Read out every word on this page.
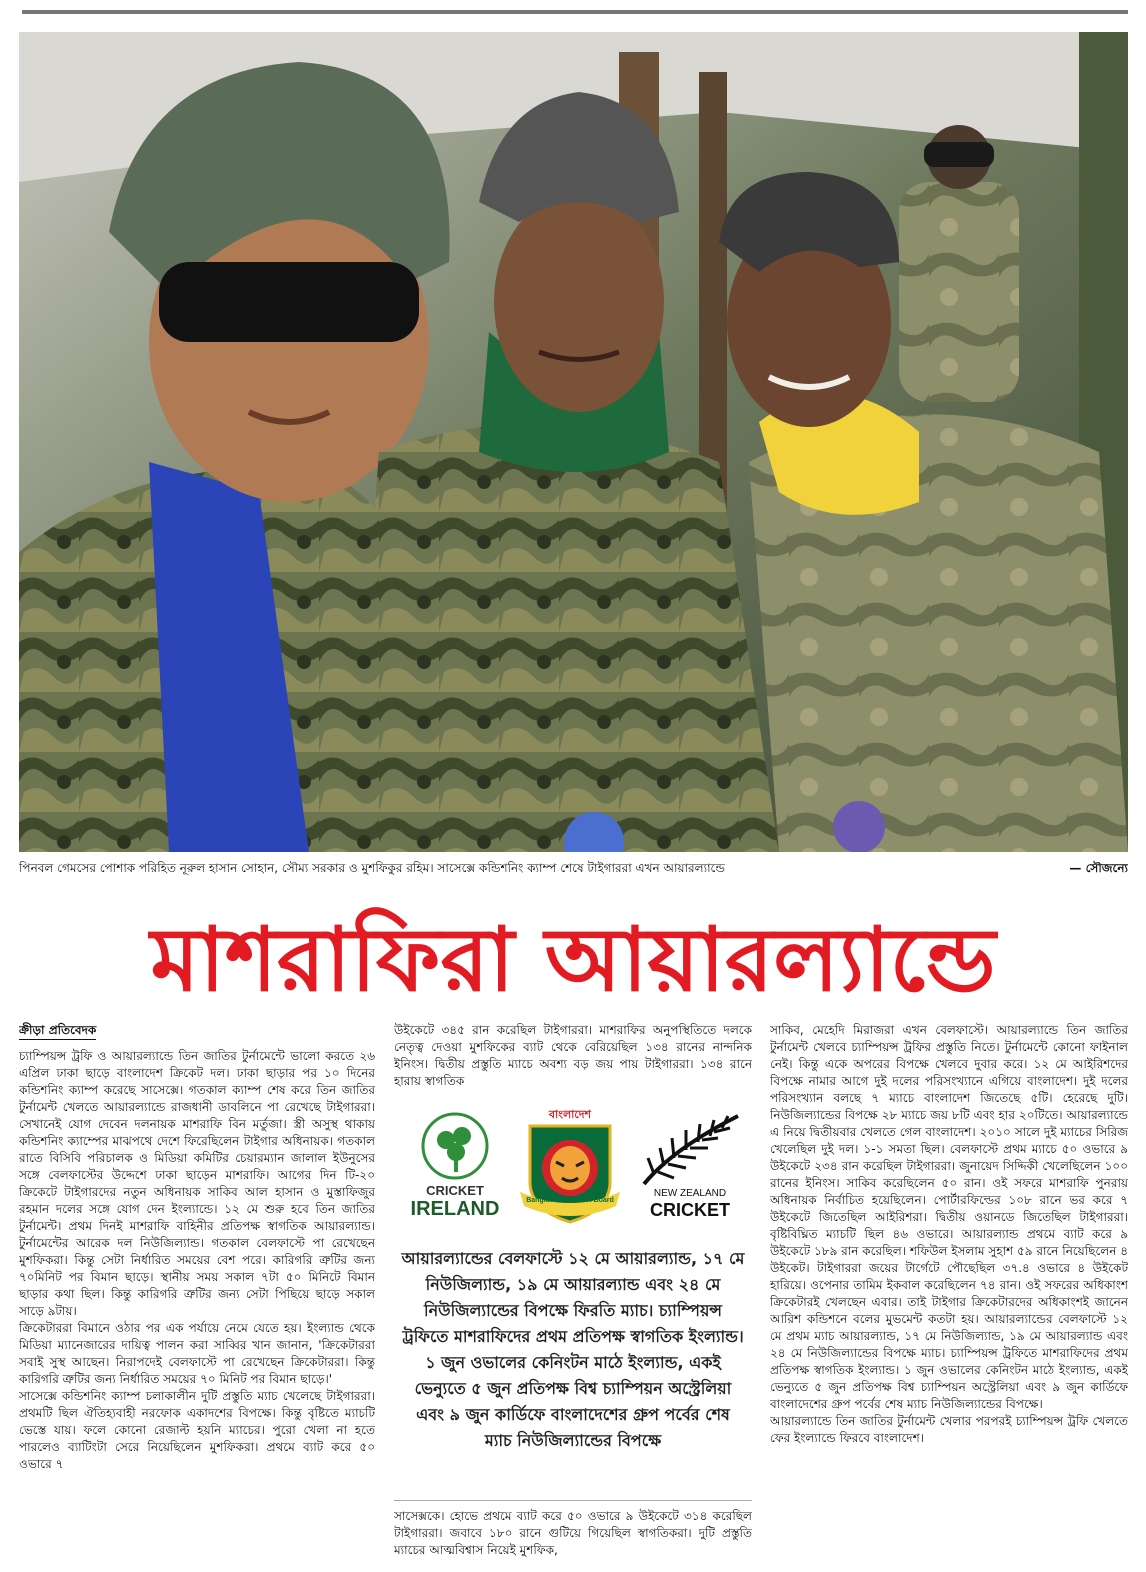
পিনবল গেমসের পোশাক পরিহিত নূরুল হাসান সোহান, সৌম্য সরকার ও মুশফিকুর রহিম। সাসেক্সে কন্ডিশনিং ক্যাম্প শেষে টাইগাররা এখন আয়ারল্যান্ডে	— সৌজন্যে
মাশরাফিরা আয়ারল্যান্ডে
ক্রীড়া প্রতিবেদক

চ্যাম্পিয়ন্স ট্রফি ও আয়ারল্যান্ডে তিন জাতির টুর্নামেন্টে ভালো করতে ২৬ এপ্রিল ঢাকা ছাড়ে বাংলাদেশ ক্রিকেট দল। ঢাকা ছাড়ার পর ১০ দিনের কন্ডিশনিং ক্যাম্প করেছে সাসেক্সে। গতকাল ক্যাম্প শেষ করে তিন জাতির টুর্নামেন্ট খেলতে আয়ারল্যান্ডে রাজধানী ডাবলিনে পা রেখেছে টাইগাররা। সেখানেই যোগ দেবেন দলনায়ক মাশরাফি বিন মর্তুজা। স্ত্রী অসুস্থ থাকায় কন্ডিশনিং ক্যাম্পের মাঝপথে দেশে ফিরেছিলেন টাইগার অধিনায়ক। গতকাল রাতে বিসিবি পরিচালক ও মিডিয়া কমিটির চেয়ারম্যান জালাল ইউনুসের সঙ্গে বেলফাস্টের উদ্দেশে ঢাকা ছাড়েন মাশরাফি। আগের দিন টি-২০ ক্রিকেটে টাইগারদের নতুন অধিনায়ক সাকিব আল হাসান ও মুস্তাফিজুর রহমান দলের সঙ্গে যোগ দেন ইংল্যান্ডে। ১২ মে শুরু হবে তিন জাতির টুর্নামেন্ট। প্রথম দিনই মাশরাফি বাহিনীর প্রতিপক্ষ স্বাগতিক আয়ারল্যান্ড। টুর্নামেন্টের আরেক দল নিউজিল্যান্ড। গতকাল বেলফাস্টে পা রেখেছেন মুশফিকরা। কিন্তু সেটা নির্ধারিত সময়ের বেশ পরে। কারিগরি ত্রুটির জন্য ৭০মিনিট পর বিমান ছাড়ে। স্থানীয় সময় সকাল ৭টা ৫০ মিনিটে বিমান ছাড়ার কথা ছিল। কিন্তু কারিগরি ত্রুটির জন্য সেটা পিছিয়ে ছাড়ে সকাল সাড়ে ৯টায়।

ক্রিকেটাররা বিমানে ওঠার পর এক পর্যায়ে নেমে যেতে হয়। ইংল্যান্ড থেকে মিডিয়া ম্যানেজারের দায়িত্ব পালন করা সাব্বির খান জানান, 'ক্রিকেটাররা সবাই সুস্থ আছেন। নিরাপদেই বেলফাস্টে পা রেখেছেন ক্রিকেটাররা। কিন্তু কারিগরি ত্রুটির জন্য নির্ধারিত সময়ের ৭০ মিনিট পর বিমান ছাড়ে।'

সাসেক্সে কন্ডিশনিং ক্যাম্প চলাকালীন দুটি প্রস্তুতি ম্যাচ খেলেছে টাইগাররা। প্রথমটি ছিল ঐতিহ্যবাহী নরফোক একাদশের বিপক্ষে। কিন্তু বৃষ্টিতে ম্যাচটি ভেস্তে যায়। ফলে কোনো রেজাল্ট হয়নি ম্যাচের। পুরো খেলা না হতে পারলেও ব্যাটিংটা সেরে নিয়েছিলেন মুশফিকরা। প্রথমে ব্যাট করে ৫০ ওভারে ৭

উইকেটে ৩৪৫ রান করেছিল টাইগাররা। মাশরাফির অনুপস্থিতিতে দলকে নেতৃত্ব দেওয়া মুশফিকের ব্যাট থেকে বেরিয়েছিল ১৩৪ রানের নান্দনিক ইনিংস। দ্বিতীয় প্রস্তুতি ম্যাচে অবশ্য বড় জয় পায় টাইগাররা। ১৩৪ রানে হারায় স্বাগতিক

CRICKET
IRELAND
বাংলাদেশ
Bangladesh Cricket Board
NEW ZEALAND
CRICKET
আয়ারল্যান্ডের বেলফাস্টে ১২ মে আয়ারল্যান্ড, ১৭ মে নিউজিল্যান্ড, ১৯ মে আয়ারল্যান্ড এবং ২৪ মে নিউজিল্যান্ডের বিপক্ষে ফিরতি ম্যাচ। চ্যাম্পিয়ন্স ট্রফিতে মাশরাফিদের প্রথম প্রতিপক্ষ স্বাগতিক ইংল্যান্ড। ১ জুন ওভালের কেনিংটন মাঠে ইংল্যান্ড, একই ভেন্যুতে ৫ জুন প্রতিপক্ষ বিশ্ব চ্যাম্পিয়ন অস্ট্রেলিয়া এবং ৯ জুন কার্ডিফে বাংলাদেশের গ্রুপ পর্বের শেষ ম্যাচ নিউজিল্যান্ডের বিপক্ষে

সাসেক্সকে। হোভে প্রথমে ব্যাট করে ৫০ ওভারে ৯ উইকেটে ৩১৪ করেছিল টাইগাররা। জবাবে ১৮০ রানে গুটিয়ে গিয়েছিল স্বাগতিকরা। দুটি প্রস্তুতি ম্যাচের আত্মবিশ্বাস নিয়েই মুশফিক,

সাকিব, মেহেদি মিরাজরা এখন বেলফাস্টে। আয়ারল্যান্ডে তিন জাতির টুর্নামেন্ট খেলবে চ্যাম্পিয়ন্স ট্রফির প্রস্তুতি নিতে। টুর্নামেন্টে কোনো ফাইনাল নেই। কিন্তু একে অপরের বিপক্ষে খেলবে দুবার করে। ১২ মে আইরিশদের বিপক্ষে নামার আগে দুই দলের পরিসংখ্যানে এগিয়ে বাংলাদেশ। দুই দলের পরিসংখ্যান বলছে ৭ ম্যাচে বাংলাদেশ জিতেছে ৫টি। হেরেছে দুটি। নিউজিল্যান্ডের বিপক্ষে ২৮ ম্যাচে জয় ৮টি এবং হার ২০টিতে। আয়ারল্যান্ডে এ নিয়ে দ্বিতীয়বার খেলতে গেল বাংলাদেশ। ২০১০ সালে দুই ম্যাচের সিরিজ খেলেছিল দুই দল। ১-১ সমতা ছিল। বেলফাস্টে প্রথম ম্যাচে ৫০ ওভারে ৯ উইকেটে ২৩৪ রান করেছিল টাইগাররা। জুনায়েদ সিদ্দিকী খেলেছিলেন ১০০ রানের ইনিংস। সাকিব করেছিলেন ৫০ রান। ওই সফরে মাশরাফি পুনরায় অধিনায়ক নির্বাচিত হয়েছিলেন। পোর্টারফিল্ডের ১০৮ রানে ভর করে ৭ উইকেটে জিতেছিল আইরিশরা। দ্বিতীয় ওয়ানডে জিতেছিল টাইগাররা। বৃষ্টিবিঘ্নিত ম্যাচটি ছিল ৪৬ ওভারে। আয়ারল্যান্ড প্রথমে ব্যাট করে ৯ উইকেটে ১৮৯ রান করেছিল। শফিউল ইসলাম সুহাশ ৫৯ রানে নিয়েছিলেন ৪ উইকেট। টাইগাররা জয়ের টার্গেটে পৌছেছিল ৩৭.৪ ওভারে ৪ উইকেট হারিয়ে। ওপেনার তামিম ইকবাল করেছিলেন ৭৪ রান। ওই সফরের অধিকাংশ ক্রিকেটারই খেলছেন এবার। তাই টাইগার ক্রিকেটারদের অধিকাংশই জানেন আরিশ কন্ডিশনে বলের মুভমেন্ট কতটা হয়। আয়ারল্যান্ডের বেলফাস্টে ১২ মে প্রথম ম্যাচ আয়ারল্যান্ড, ১৭ মে নিউজিল্যান্ড, ১৯ মে আয়ারল্যান্ড এবং ২৪ মে নিউজিল্যান্ডের বিপক্ষে ম্যাচ। চ্যাম্পিয়ন্স ট্রফিতে মাশরাফিদের প্রথম প্রতিপক্ষ স্বাগতিক ইংল্যান্ড। ১ জুন ওভালের কেনিংটন মাঠে ইংল্যান্ড, একই ভেন্যুতে ৫ জুন প্রতিপক্ষ বিশ্ব চ্যাম্পিয়ন অস্ট্রেলিয়া এবং ৯ জুন কার্ডিফে বাংলাদেশের গ্রুপ পর্বের শেষ ম্যাচ নিউজিল্যান্ডের বিপক্ষে।

আয়ারল্যান্ডে তিন জাতির টুর্নামেন্ট খেলার পরপরই চ্যাম্পিয়ন্স ট্রফি খেলতে ফের ইংল্যান্ডে ফিরবে বাংলাদেশ।
